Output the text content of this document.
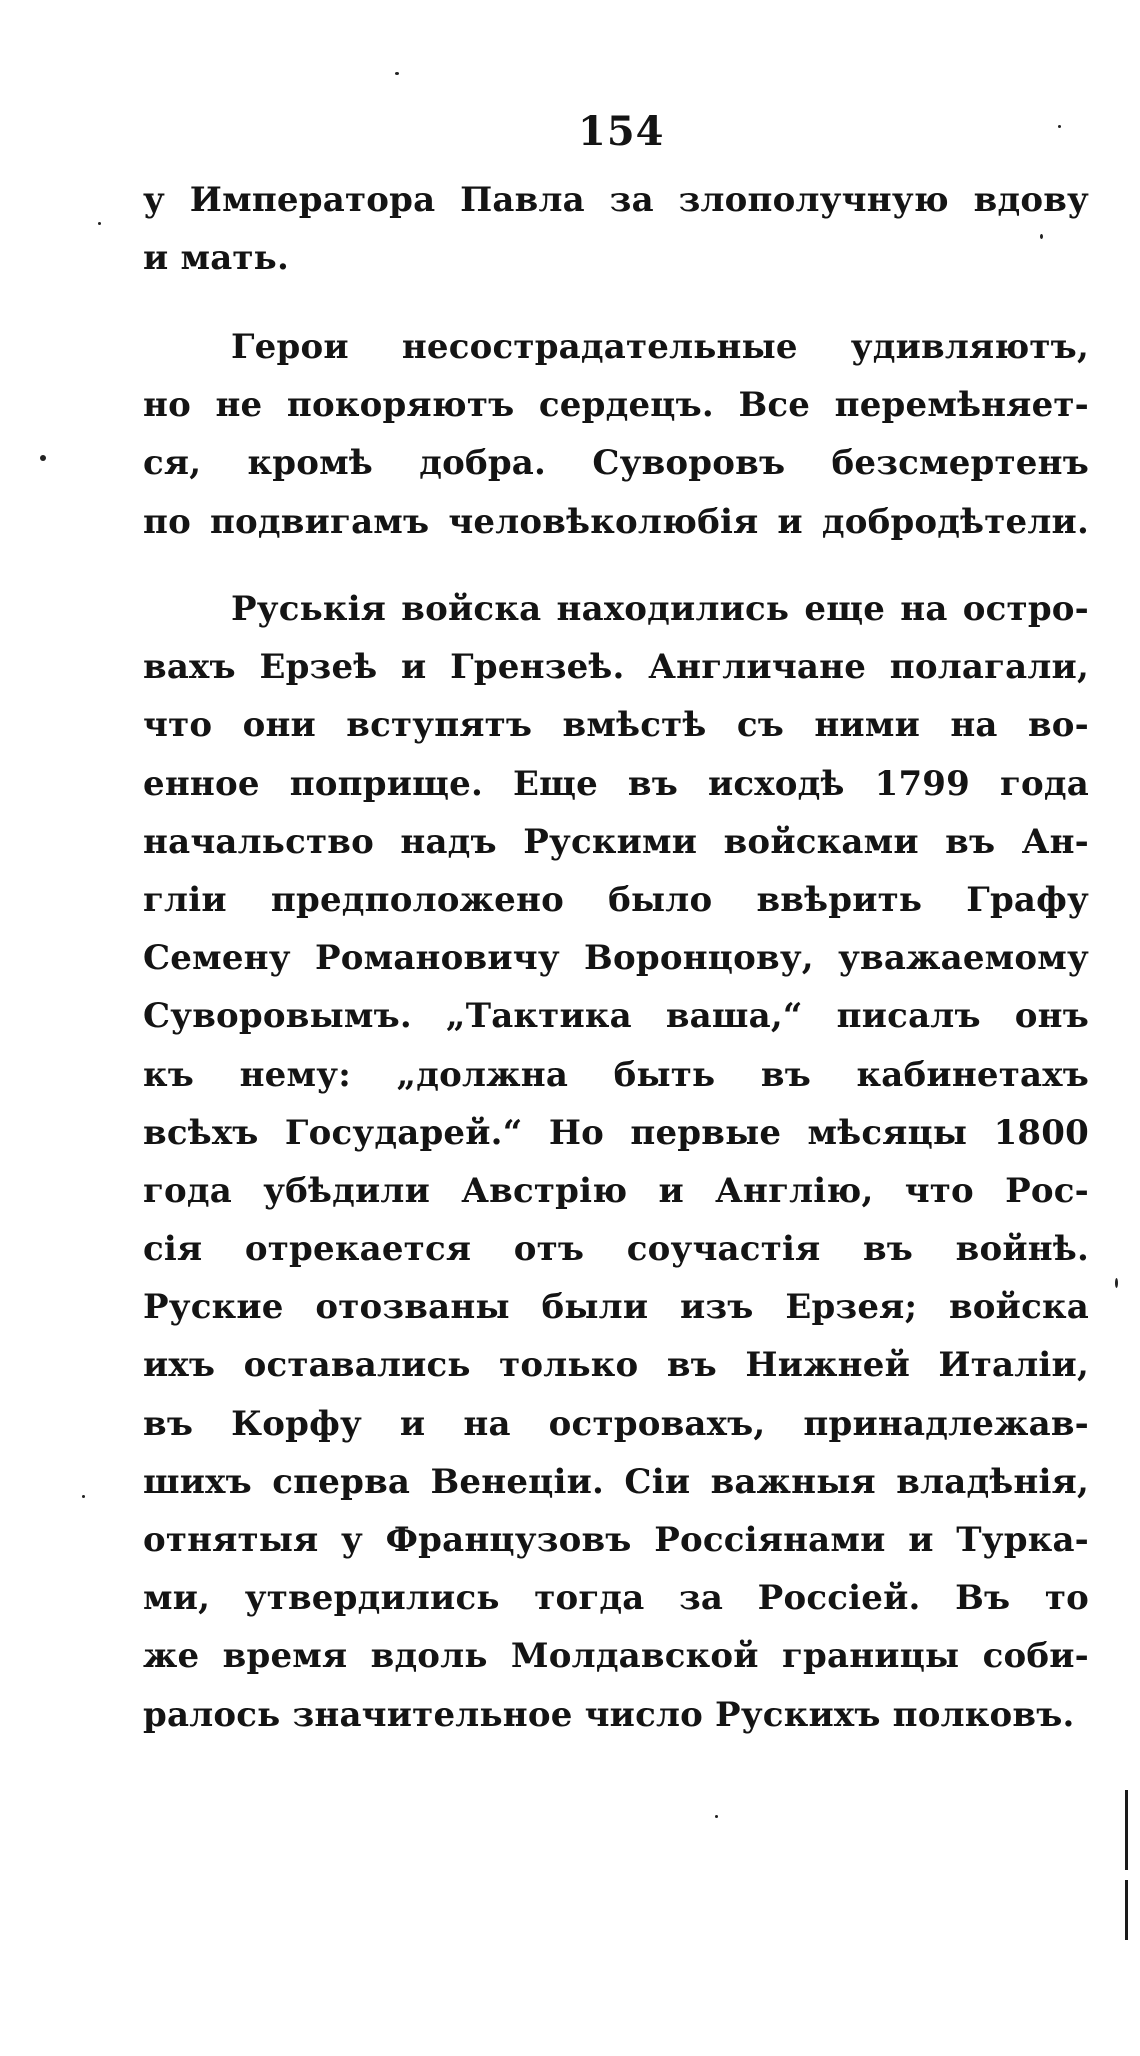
154
у Императора Павла за злополучную вдову
и мать.
Герои несострадательные удивляютъ,
но не покоряютъ сердецъ. Все перемѣняет-
ся, кромѣ добра. Суворовъ безсмертенъ
по подвигамъ человѣколюбія и добродѣтели.
Руськія войска находились еще на остро-
вахъ Ерзеѣ и Грензеѣ. Англичане полагали,
что они вступятъ вмѣстѣ съ ними на во-
енное поприще. Еще въ исходѣ 1799 года
начальство надъ Рускими войсками въ Ан-
гліи предположено было ввѣрить Графу
Семену Романовичу Воронцову, уважаемому
Суворовымъ. „Тактика ваша,“ писалъ онъ
къ нему: „должна быть въ кабинетахъ
всѣхъ Государей.“ Но первые мѣсяцы 1800
года убѣдили Австрію и Англію, что Рос-
сія отрекается отъ соучастія въ войнѣ.
Руские отозваны были изъ Ерзея; войска
ихъ оставались только въ Нижней Италіи,
въ Корфу и на островахъ, принадлежав-
шихъ сперва Венеціи. Сіи важныя владѣнія,
отнятыя у Французовъ Россіянами и Турка-
ми, утвердились тогда за Россіей. Въ то
же время вдоль Молдавской границы соби-
ралось значительное число Рускихъ полковъ.
